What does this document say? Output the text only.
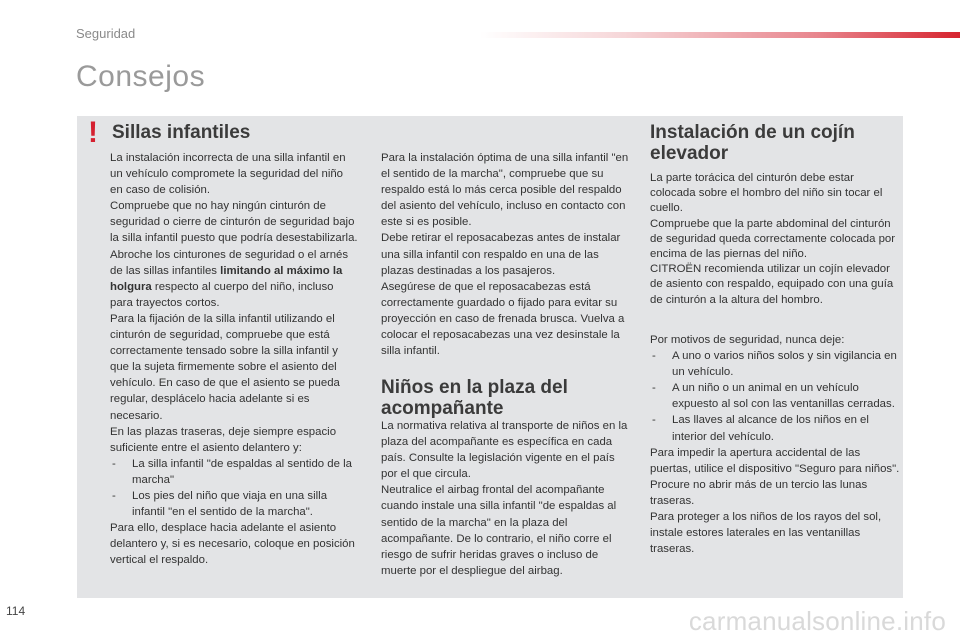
Seguridad
Consejos
! Sillas infantiles

La instalación incorrecta de una silla infantil en un vehículo compromete la seguridad del niño en caso de colisión.

Compruebe que no hay ningún cinturón de seguridad o cierre de cinturón de seguridad bajo la silla infantil puesto que podría desestabilizarla.

Abroche los cinturones de seguridad o el arnés de las sillas infantiles limitando al máximo la holgura respecto al cuerpo del niño, incluso para trayectos cortos.

Para la fijación de la silla infantil utilizando el cinturón de seguridad, compruebe que está correctamente tensado sobre la silla infantil y que la sujeta firmemente sobre el asiento del vehículo. En caso de que el asiento se pueda regular, desplácelo hacia adelante si es necesario.

En las plazas traseras, deje siempre espacio suficiente entre el asiento delantero y:

- La silla infantil "de espaldas al sentido de la marcha"
- Los pies del niño que viaja en una silla infantil "en el sentido de la marcha".

Para ello, desplace hacia adelante el asiento delantero y, si es necesario, coloque en posición vertical el respaldo.

Para la instalación óptima de una silla infantil "en el sentido de la marcha", compruebe que su respaldo está lo más cerca posible del respaldo del asiento del vehículo, incluso en contacto con este si es posible.

Debe retirar el reposacabezas antes de instalar una silla infantil con respaldo en una de las plazas destinadas a los pasajeros.

Asegúrese de que el reposacabezas está correctamente guardado o fijado para evitar su proyección en caso de frenada brusca. Vuelva a colocar el reposacabezas una vez desinstale la silla infantil.

Niños en la plaza del acompañante

La normativa relativa al transporte de niños en la plaza del acompañante es específica en cada país. Consulte la legislación vigente en el país por el que circula.

Neutralice el airbag frontal del acompañante cuando instale una silla infantil "de espaldas al sentido de la marcha" en la plaza del acompañante. De lo contrario, el niño corre el riesgo de sufrir heridas graves o incluso de muerte por el despliegue del airbag.

Instalación de un cojín elevador

La parte torácica del cinturón debe estar colocada sobre el hombro del niño sin tocar el cuello.

Compruebe que la parte abdominal del cinturón de seguridad queda correctamente colocada por encima de las piernas del niño.

CITROËN recomienda utilizar un cojín elevador de asiento con respaldo, equipado con una guía de cinturón a la altura del hombro.

Por motivos de seguridad, nunca deje:

- A uno o varios niños solos y sin vigilancia en un vehículo.
- A un niño o un animal en un vehículo expuesto al sol con las ventanillas cerradas.
- Las llaves al alcance de los niños en el interior del vehículo.

Para impedir la apertura accidental de las puertas, utilice el dispositivo "Seguro para niños".

Procure no abrir más de un tercio las lunas traseras.

Para proteger a los niños de los rayos del sol, instale estores laterales en las ventanillas traseras.

114	carmanualsonline.info
